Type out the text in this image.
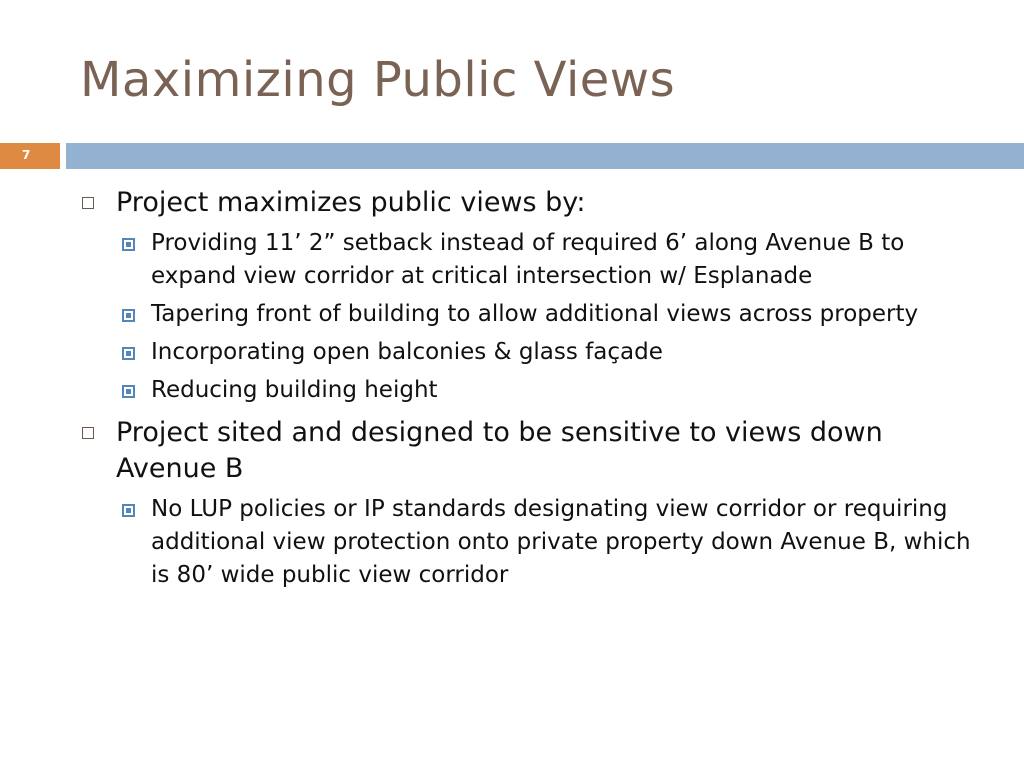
Maximizing Public Views
7
Project maximizes public views by:
Providing 11’ 2” setback instead of required 6’ along Avenue B to expand view corridor at critical intersection w/ Esplanade
Tapering front of building to allow additional views across property
Incorporating open balconies & glass façade
Reducing building height
Project sited and designed to be sensitive to views down Avenue B
No LUP policies or IP standards designating view corridor or requiring additional view protection onto private property down Avenue B, which is 80’ wide public view corridor
